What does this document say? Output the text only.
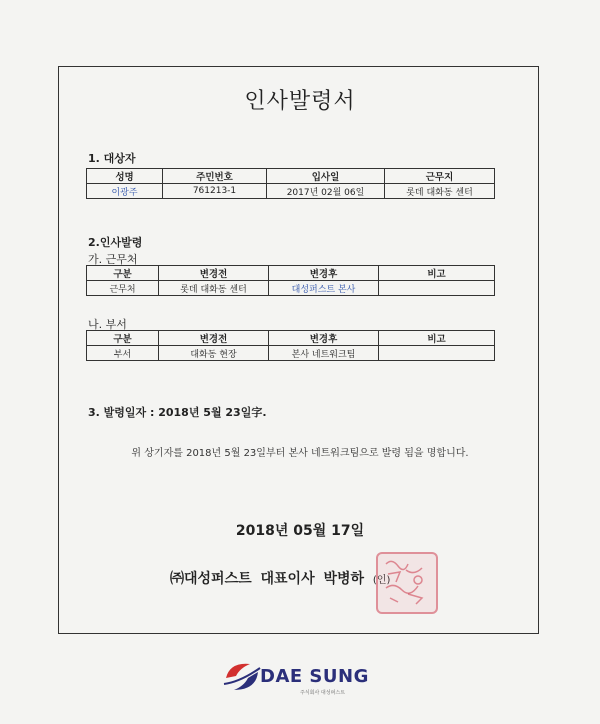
인사발령서
1. 대상자
성명	주민번호	입사일	근무지
이광주	761213-1	2017년 02월 06일	롯데 대화동 센터
2.인사발령
가. 근무처
구분	변경전	변경후	비고
근무처	롯데 대화동 센터	대성퍼스트 본사	
나. 부서
구분	변경전	변경후	비고
부서	대화동 현장	본사 네트워크팀	
3. 발령일자 : 2018년 5월 23일字.
위 상기자를 2018년 5월 23일부터 본사 네트워크팀으로 발령 됨을 명합니다.
2018년 05월 17일
㈜대성퍼스트 대표이사 박병하 (인)
DAE SUNG
주식회사 대성퍼스트
